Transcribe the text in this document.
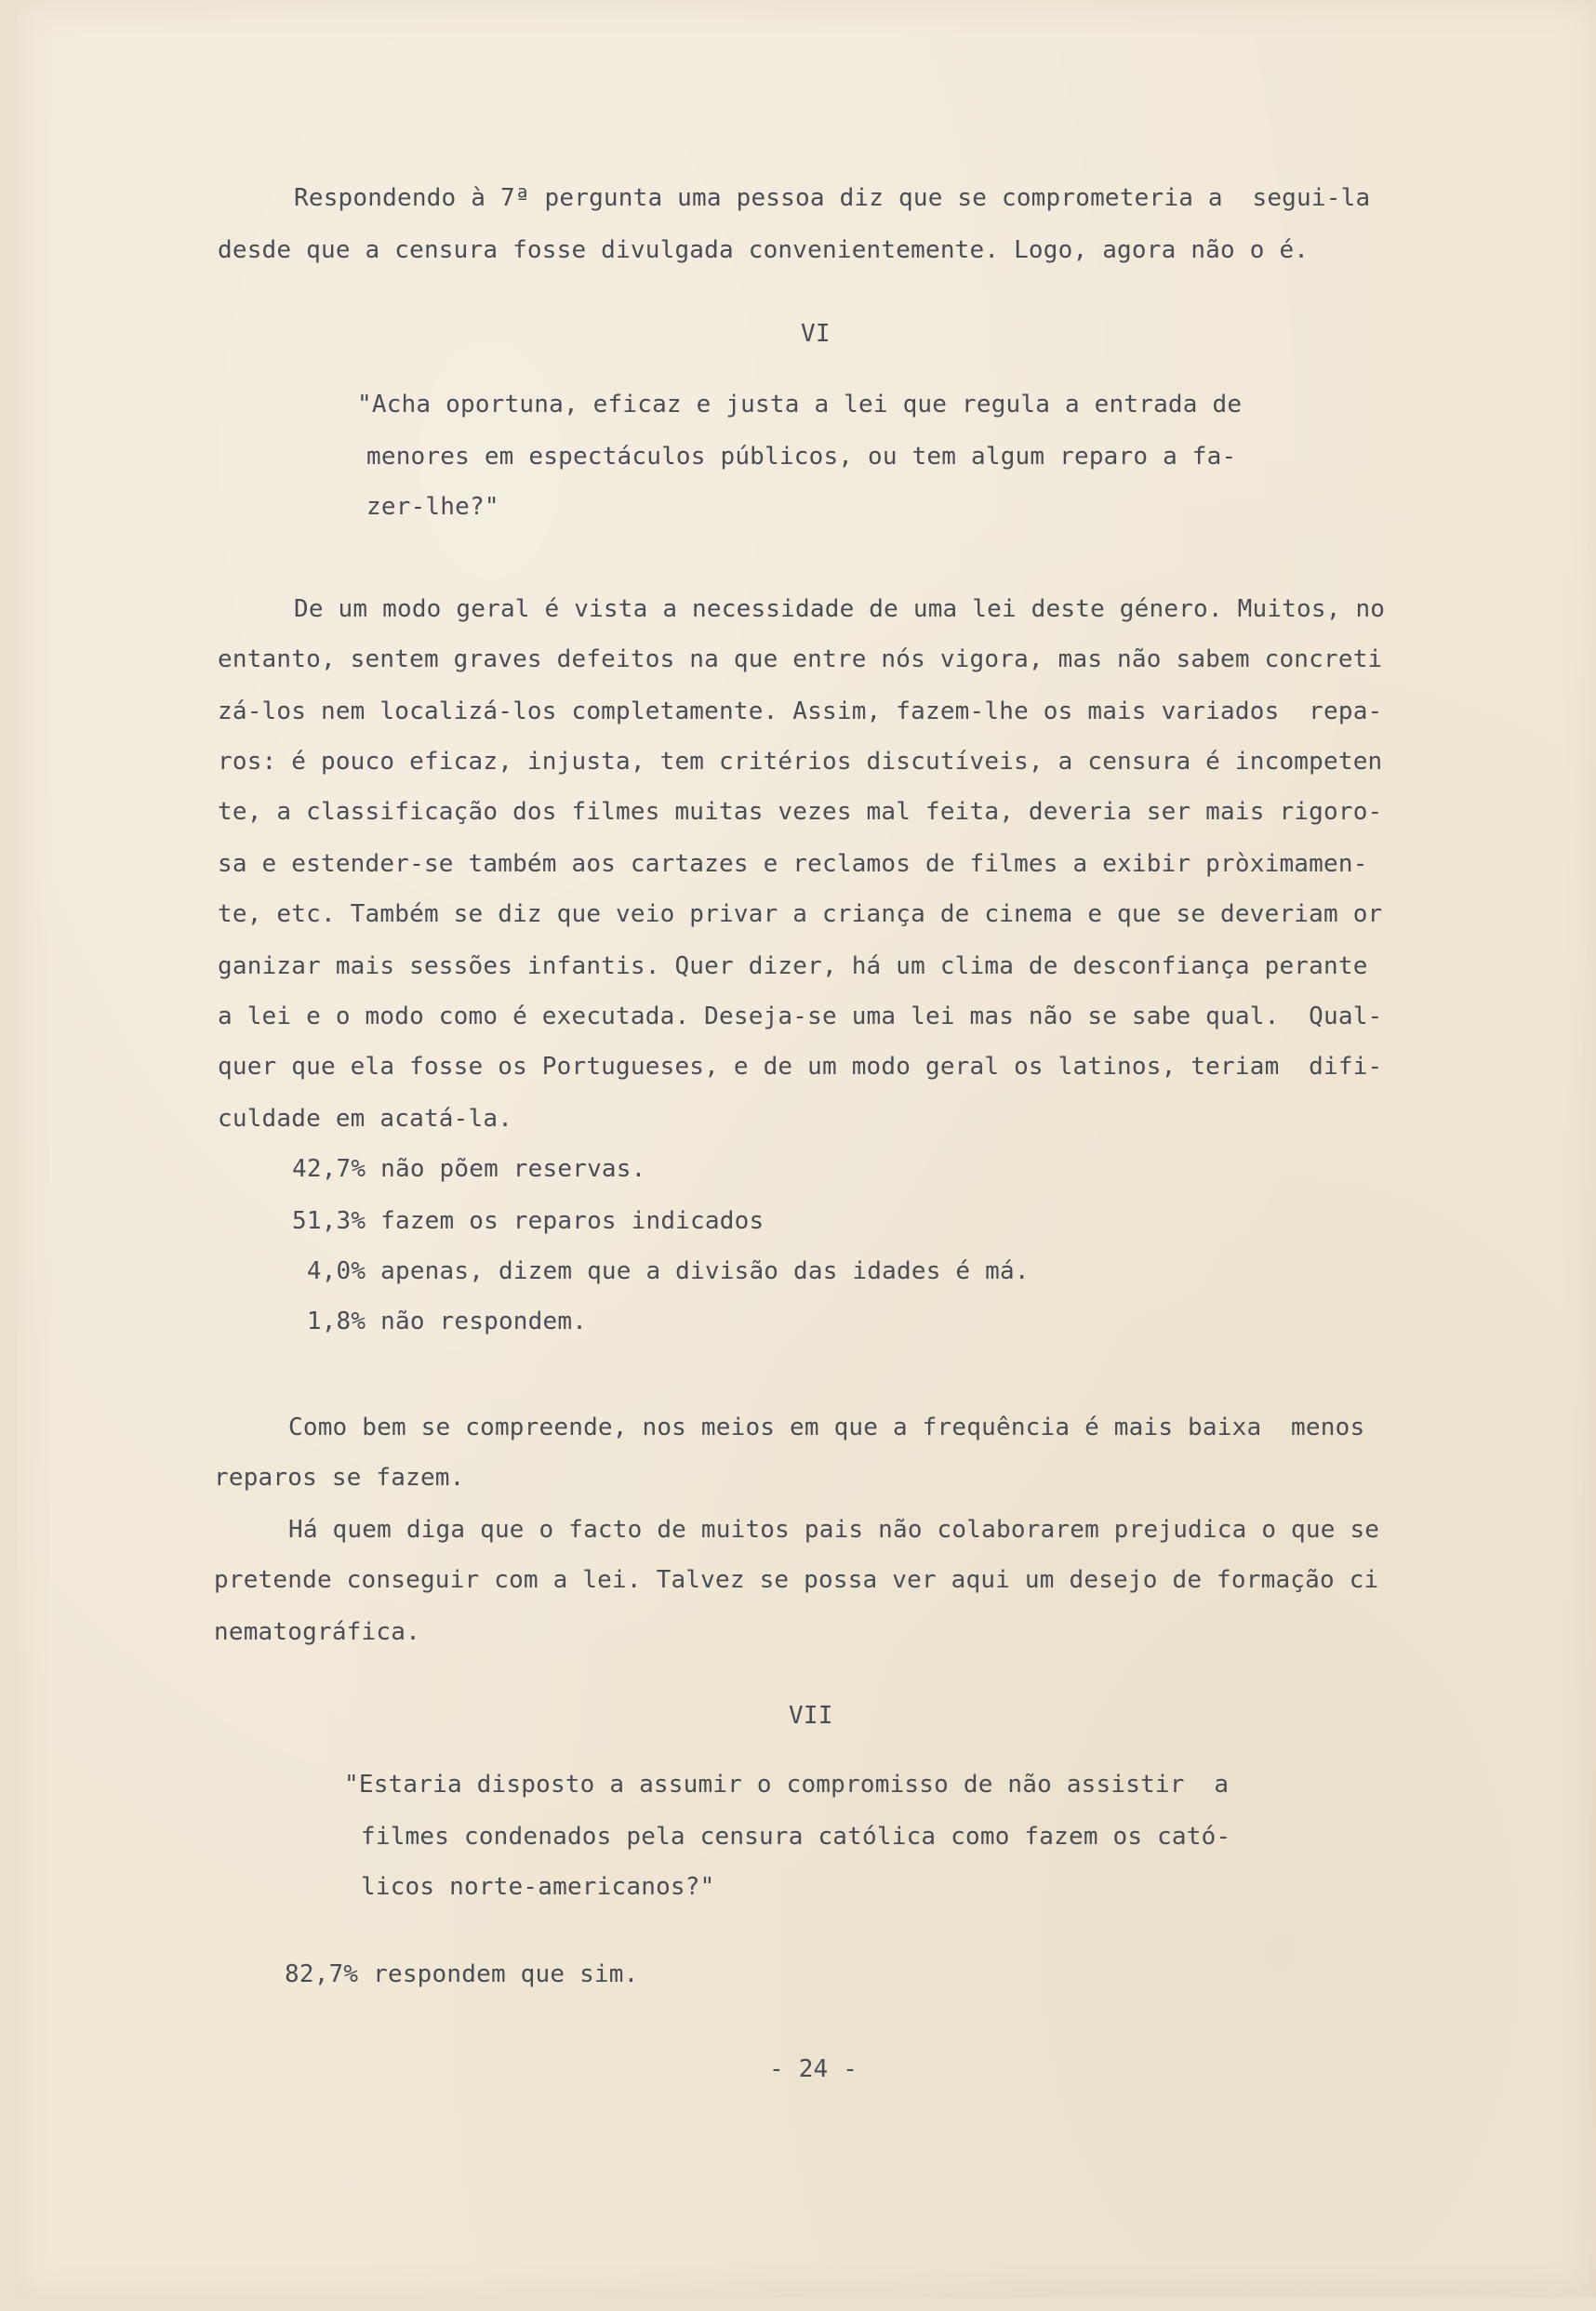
Respondendo à 7ª pergunta uma pessoa diz que se comprometeria a  segui-la
desde que a censura fosse divulgada convenientemente. Logo, agora não o é.
VI
"Acha oportuna, eficaz e justa a lei que regula a entrada de
menores em espectáculos públicos, ou tem algum reparo a fa-
zer-lhe?"
De um modo geral é vista a necessidade de uma lei deste género. Muitos, no
entanto, sentem graves defeitos na que entre nós vigora, mas não sabem concreti
zá-los nem localizá-los completamente. Assim, fazem-lhe os mais variados  repa-
ros: é pouco eficaz, injusta, tem critérios discutíveis, a censura é incompeten
te, a classificação dos filmes muitas vezes mal feita, deveria ser mais rigoro-
sa e estender-se também aos cartazes e reclamos de filmes a exibir pròximamen-
te, etc. Também se diz que veio privar a criança de cinema e que se deveriam or
ganizar mais sessões infantis. Quer dizer, há um clima de desconfiança perante
a lei e o modo como é executada. Deseja-se uma lei mas não se sabe qual.  Qual-
quer que ela fosse os Portugueses, e de um modo geral os latinos, teriam  difi-
culdade em acatá-la.
42,7% não põem reservas.
51,3% fazem os reparos indicados
4,0% apenas, dizem que a divisão das idades é má.
1,8% não respondem.
Como bem se compreende, nos meios em que a frequência é mais baixa  menos
reparos se fazem.
Há quem diga que o facto de muitos pais não colaborarem prejudica o que se
pretende conseguir com a lei. Talvez se possa ver aqui um desejo de formação ci
nematográfica.
VII
"Estaria disposto a assumir o compromisso de não assistir  a
filmes condenados pela censura católica como fazem os cató-
licos norte-americanos?"
82,7% respondem que sim.
- 24 -
